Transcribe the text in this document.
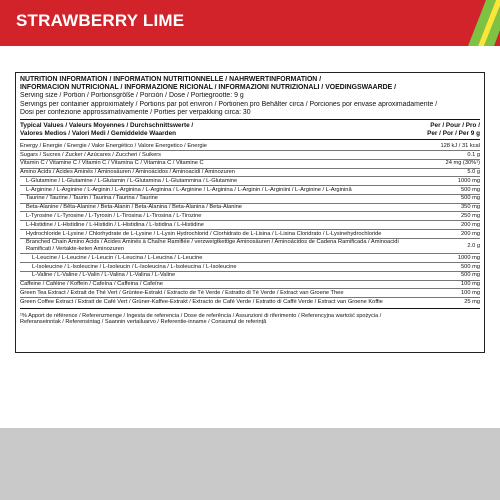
STRAWBERRY LIME
NUTRITION INFORMATION / INFORMATION NUTRITIONNELLE / NÄHRWERTINFORMATION /
INFORMACIÓN NUTRICIONAL / INFORMAZIONE RICIONAL / INFORMAZIONI NUTRIZIONALI / VOEDINGSWAARDE /
Serving size / Portion / Portionsgröße / Porción / Dose / Portiegrootte: 9 g
Servings per container approximately / Portions par pot environ / Portionen pro Behälter circa / Porciones por envase aproximadamente /
Dosi per confezione approssimativamente / Porties per verpakking circa: 30
Typical Values / Valeurs Moyennes / Durchschnittswerte /
Valores Medios / Valori Medi / Gemiddelde Waarden
Per / Pour / Pro /
Per / Por / Per 9 g
Energy / Énergie / Energie / Valor Energético / Valore Energetico / Energie	128 kJ / 31 kcal
Sugars / Sucres / Zucker / Azúcares / Zuccheri / Suikers	0.1 g
Vitamin C / Vitamine C / Vitamin C / Vitamina C / Vitamina C / Vitamine C	24 mg (30%¹)
Amino Acids / Acides Aminés / Aminosäuren / Aminoácidos / Aminoacidi / Aminozuren	5.0 g
L-Glutamine / L-Glutamine / L-Glutamin / L-Glutamina / L-Glutammina / L-Glutamine	1000 mg
L-Arginine / L-Arginine / L-Arginin / L-Arginina / L-Arginina / L-Arginine / L-Arginina / L-Arginin / L-Arginiini / L-Arginine / L-Arginină	500 mg
Taurine / Taurine / Taurin / Taurina / Taurina / Taurine	500 mg
Beta-Alanine / Bêta-Alanine / Beta-Alanin / Beta-Alanina / Beta-Alanina / Beta-Alanine	350 mg
L-Tyrosine / L-Tyrosine / L-Tyrosin / L-Tirosina / L-Tirosina / L-Tirozine	250 mg
L-Histidine / L-Histidine / L-Histidin / L-Histidina / L-Istidina / L-Histidine	200 mg
Hydrochloride L-Lysine / Chlorhydrate de L-Lysine / L-Lysin Hydrochlorid / Clorhidrato de L-Lisina / L-Lisina Cloridrato / L-Lysinehydrochloride	200 mg
Branched Chain Amino Acids / Acides Aminés à Chaîne Ramifiée / verzweigtkettige Aminosäuren / Aminoácidos de Cadena Ramificada / Aminoacidi Ramificati / Vertakte-keten Aminozuren
2.0 g
L-Leucine / L-Leucine / L-Leucin / L-Leucina / L-Leucina / L-Leucine	1000 mg
L-Isoleucine / L-Isoleucine / L-Isoleucin / L-Isoleucina / L-Isoleucina / L-Isoleucine	500 mg
L-Valine / L-Valine / L-Valin / L-Valina / L-Valina / L-Valine	500 mg
Caffeine / Caféine / Koffein / Cafeína / Caffeina / Cafeïne	100 mg
Green Tea Extract / Extrait de Thé Vert / Grüntee-Extrakt / Extracto de Té Verde / Estratto di Tè Verde / Extract van Groene Thee	100 mg
Green Coffee Extract / Extrait de Café Vert / Grüner-Kaffee-Extrakt / Extracto de Café Verde / Estratto di Caffè Verde / Extract van Groene Koffie	25 mg
¹% Apport de référence / Referenzmenge / Ingesta de referencia / Dose de referência / Assunzioni di riferimento / Referencyjna wartość spożycia /
Referanseinntak / Referensintag / Saannin vertailuarvo / Referentie-inname / Consumul de referință
